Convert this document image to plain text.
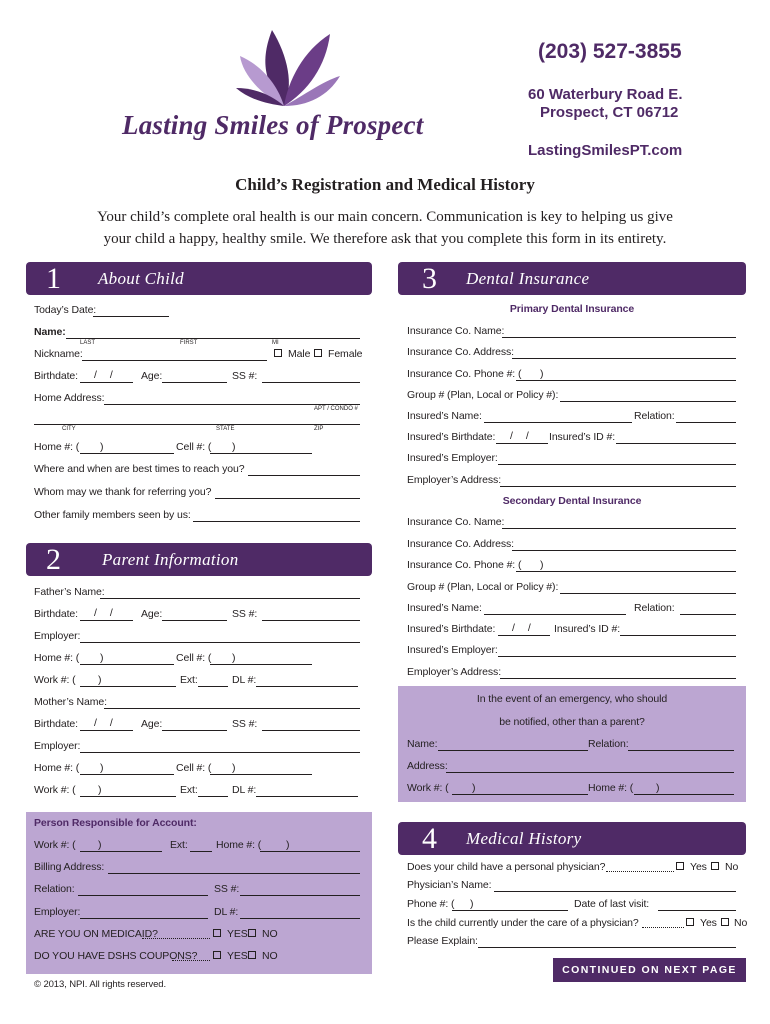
Lasting Smiles of Prospect
(203) 527-3855
60 Waterbury Road E.
Prospect, CT 06712
LastingSmilesPT.com
Child’s Registration and Medical History
Your child’s complete oral health is our main concern. Communication is key to helping us give
your child a happy, healthy smile. We therefore ask that you complete this form in its entirety.
1 About Child
Today’s Date:
Name:
LAST	FIRST	MI
Nickname:	Male Female
Birthdate: // Age:	SS #:
Home Address:
APT / CONDO #
CITY	STATE	ZIP
Home #: ( )	Cell #: ( )
Where and when are best times to reach you?
Whom may we thank for referring you?
Other family members seen by us:
2 Parent Information
Father’s Name:
Birthdate: // Age:	SS #:
Employer:
Home #: ( )	Cell #: ( )
Work #: ( )	Ext:	DL #:
Mother’s Name:
Birthdate: // Age:	SS #:
Employer:
Home #: ( )	Cell #: ( )
Work #: ( )	Ext:	DL #:
Person Responsible for Account:
Work #: ( )	Ext:	Home #: ( )
Billing Address:
Relation:	SS #:
Employer:	DL #:
ARE YOU ON MEDICAID?	YES NO
DO YOU HAVE DSHS COUPONS?	YES NO
© 2013, NPI. All rights reserved.
3 Dental Insurance
Primary Dental Insurance
Insurance Co. Name:
Insurance Co. Address:
Insurance Co. Phone #: ( )
Group # (Plan, Local or Policy #):
Insured’s Name:	Relation:
Insured’s Birthdate: // Insured’s ID #:
Insured’s Employer:
Employer’s Address:
Secondary Dental Insurance
Insurance Co. Name:
Insurance Co. Address:
Insurance Co. Phone #: ( )
Group # (Plan, Local or Policy #):
Insured’s Name:	Relation:
Insured’s Birthdate: // Insured’s ID #:
Insured’s Employer:
Employer’s Address:
In the event of an emergency, who should
be notified, other than a parent?
Name:	Relation:
Address:
Work #: ( )	Home #: ( )
4 Medical History
Does your child have a personal physician?	Yes No
Physician’s Name:
Phone #: ( )	Date of last visit:
Is the child currently under the care of a physician?	Yes No
Please Explain:
CONTINUED ON NEXT PAGE
